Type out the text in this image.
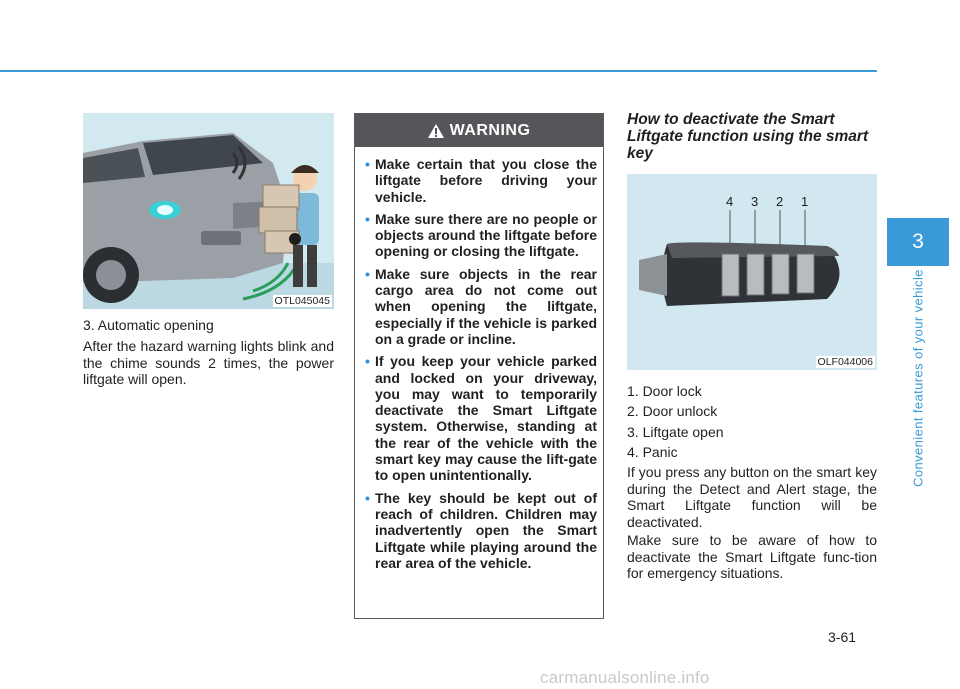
OTL045045

3. Automatic opening

After the hazard warning lights blink and the chime sounds 2 times, the power liftgate will open.

WARNING
• Make certain that you close the liftgate before driving your vehicle.
• Make sure there are no people or objects around the liftgate before opening or closing the liftgate.
• Make sure objects in the rear cargo area do not come out when opening the liftgate, especially if the vehicle is parked on a grade or incline.
• If you keep your vehicle parked and locked on your driveway, you may want to temporarily deactivate the Smart Liftgate system. Otherwise, standing at the rear of the vehicle with the smart key may cause the lift-gate to open unintentionally.
• The key should be kept out of reach of children. Children may inadvertently open the Smart Liftgate while playing around the rear area of the vehicle.
How to deactivate the Smart Liftgate function using the smart key
4 3 2 1
OLF044006

1. Door lock

2. Door unlock

3. Liftgate open

4. Panic

If you press any button on the smart key during the Detect and Alert stage, the Smart Liftgate function will be deactivated.

Make sure to be aware of how to deactivate the Smart Liftgate func-tion for emergency situations.

3
Convenient features of your vehicle
3-61
carmanualsonline.info
